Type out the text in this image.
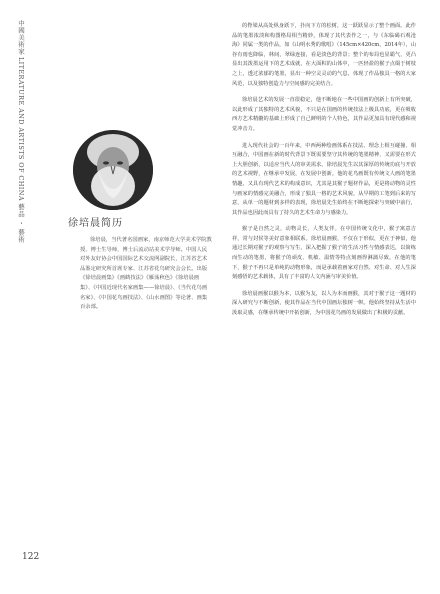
中國美術家 LITERATURE AND ARTISTS OF CHINA 藝品 ・ 藝術	徐培晨简历

徐培晨，当代著名国画家，南京师范大学美术学院教授、博士生导师，博士后流动站美术学导师。中国人民对外友好协会中国国际艺术交流网副院长，江苏省艺术品鉴定研究所首席专家、江苏省花鸟研究会会长。出版《徐培晨画集》《画鹤技法》《雁荡秋色》《徐培晨画集》、《中国近现代名家画集——徐培晨》、《当代花鸟画名家》、《中国花鸟画技法》、《山水画图》等论著、画集百余部。

的脊梁从高处纵身跃下，扑向下方的松树，这一跃跃显示了整个画面。此作品的笔墨浓淡和构图格局相当精妙，体现了其代表作之一，与《东临碣石观沧海》同属一类的作品，如《山明水秀的歌唱》（145cm×420cm，2014年），山谷有雨也降临，林间，翠绿连接，看是淡色的背景；整个的布局也显霸气，更凸显出其泼墨运用下的艺术成就，在大面积的山体中，一匹轻盈的猴子点缀于树枝之上，透过浓郁的笔墨，显出一种空灵灵动的气息，体现了作品独具一格的大家风范，以及独特创造力与空间感的完美结合。

徐培晨艺术的发展一直很稳定，他不断地在一些中国画的创新上有所突破，以此形成了其独特的艺术风貌，不只是在国画的传统技法上极具功底，更在吸收西方艺术精髓的基础上形成了自己鲜明的个人特色，其作品更加具有现代感和视觉冲击力。

进入现代社会的一百年来，中西两种绘画体系在技法、理念上相互碰撞、相互融合，中国画在新的时代背景下既需要坚守其传统的笔墨精神，又需要在形式上大胆创新，以适应当代人的审美需求。徐培晨先生以其深厚的传统功底与开放的艺术视野，在继承中发展，在发展中创新。他的花鸟画既有传统文人画的笔墨情趣，又具有现代艺术的构成意识，尤其是其猴子题材作品，更是将动物的灵性与画家的情感完美融合，形成了独具一格的艺术风貌。从早期的工笔到后来的写意，从单一的题材到多样的表现，徐培晨先生始终在不断地探索与突破中前行，其作品也因此而具有了持久的艺术生命力与感染力。

猴子是自然之灵，动物灵长，人类友伴。在中国传统文化中，猴子寓意吉祥，常与封侯等美好意象相联系。徐培晨画猴，不仅在于形似，更在于神似，他通过长期对猴子的观察与写生，深入把握了猴子的生活习性与情感表达，以简练而生动的笔墨，将猴子的顽皮、机敏、温情等特点刻画得淋漓尽致。在他的笔下，猴子不再只是单纯的动物形象，而是承载着画家对自然、对生命、对人生深刻感悟的艺术载体，具有了丰富的人文内涵与审美价值。

徐培晨画猴以猴为本，以猴为友，以人为本而画猴，其对于猴子这一题材的深入研究与不断创新，使其作品在当代中国画坛独树一帜。他始终坚持从生活中汲取灵感，在继承传统中开拓创新，为中国花鸟画的发展做出了积极的贡献。

122
